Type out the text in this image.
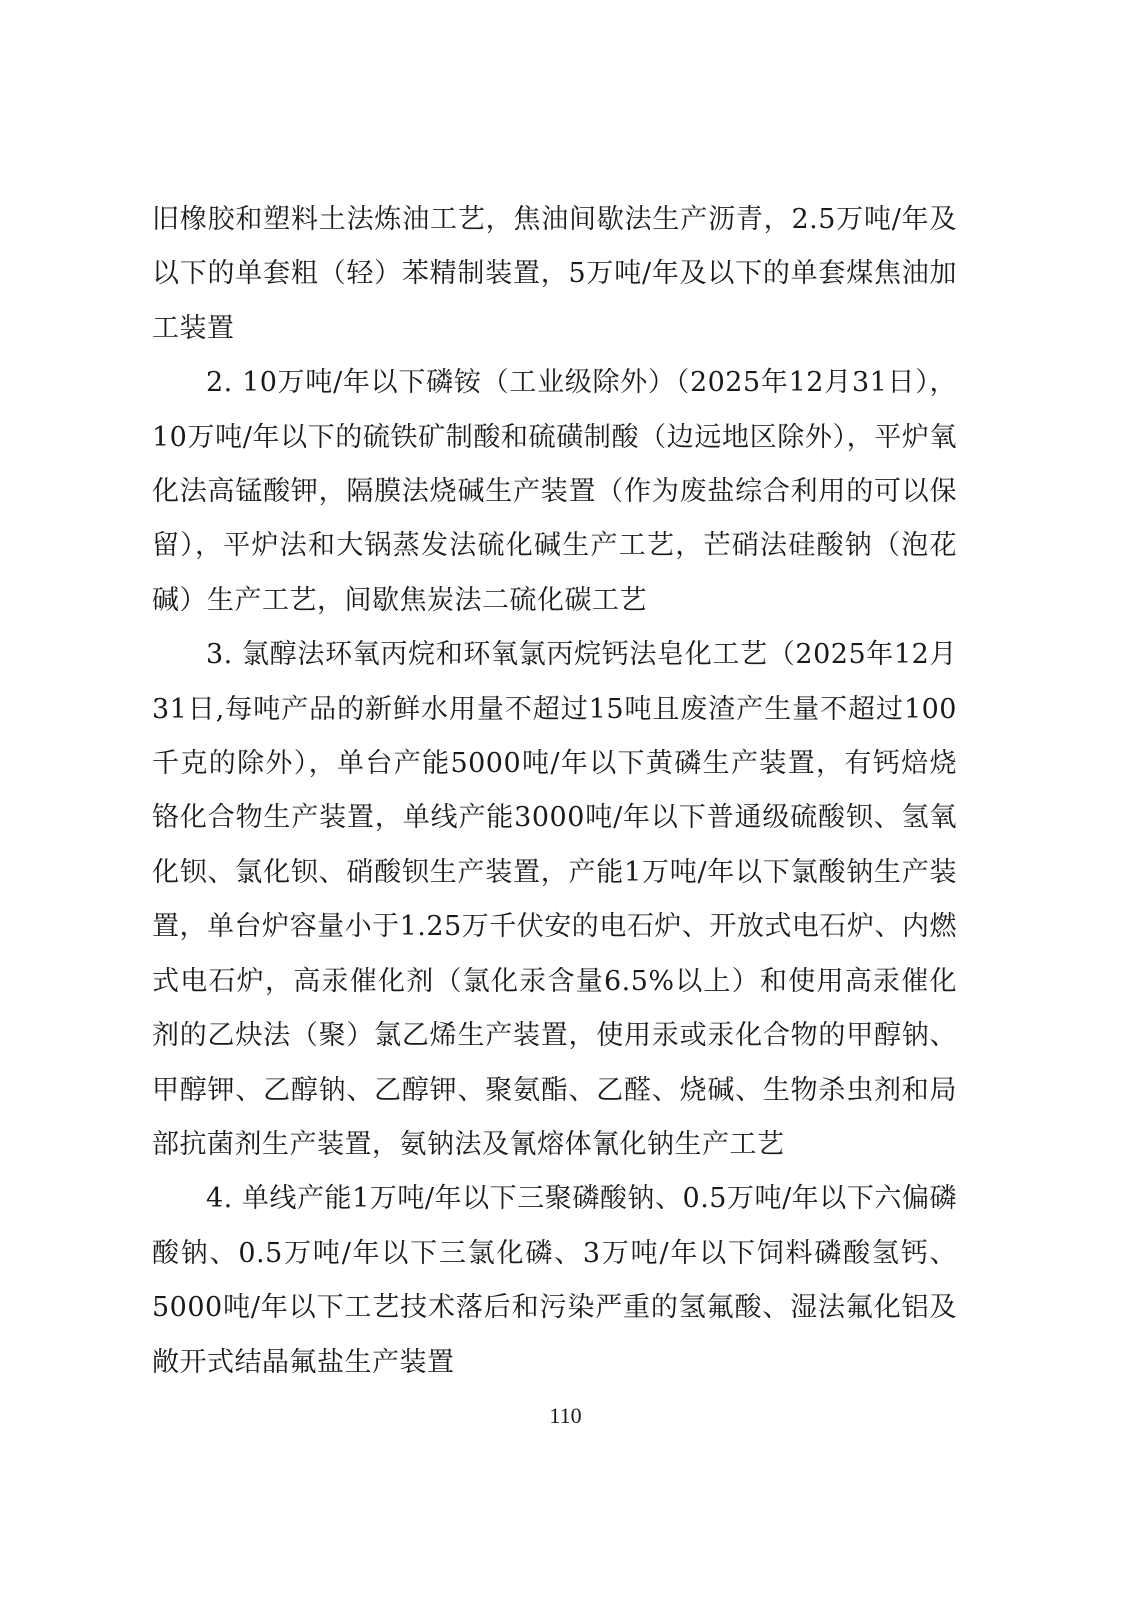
旧橡胶和塑料土法炼油工艺，焦油间歇法生产沥青，2.5万吨/年及以下的单套粗（轻）苯精制装置，5万吨/年及以下的单套煤焦油加工装置

2. 10万吨/年以下磷铵（工业级除外）（2025年12月31日），10万吨/年以下的硫铁矿制酸和硫磺制酸（边远地区除外），平炉氧化法高锰酸钾，隔膜法烧碱生产装置（作为废盐综合利用的可以保留），平炉法和大锅蒸发法硫化碱生产工艺，芒硝法硅酸钠（泡花碱）生产工艺，间歇焦炭法二硫化碳工艺

3. 氯醇法环氧丙烷和环氧氯丙烷钙法皂化工艺（2025年12月31日,每吨产品的新鲜水用量不超过15吨且废渣产生量不超过100千克的除外），单台产能5000吨/年以下黄磷生产装置，有钙焙烧铬化合物生产装置，单线产能3000吨/年以下普通级硫酸钡、氢氧化钡、氯化钡、硝酸钡生产装置，产能1万吨/年以下氯酸钠生产装置，单台炉容量小于1.25万千伏安的电石炉、开放式电石炉、内燃式电石炉，高汞催化剂（氯化汞含量6.5%以上）和使用高汞催化剂的乙炔法（聚）氯乙烯生产装置，使用汞或汞化合物的甲醇钠、甲醇钾、乙醇钠、乙醇钾、聚氨酯、乙醛、烧碱、生物杀虫剂和局部抗菌剂生产装置，氨钠法及氰熔体氰化钠生产工艺

4. 单线产能1万吨/年以下三聚磷酸钠、0.5万吨/年以下六偏磷酸钠、0.5万吨/年以下三氯化磷、3万吨/年以下饲料磷酸氢钙、5000吨/年以下工艺技术落后和污染严重的氢氟酸、湿法氟化铝及敞开式结晶氟盐生产装置

110
